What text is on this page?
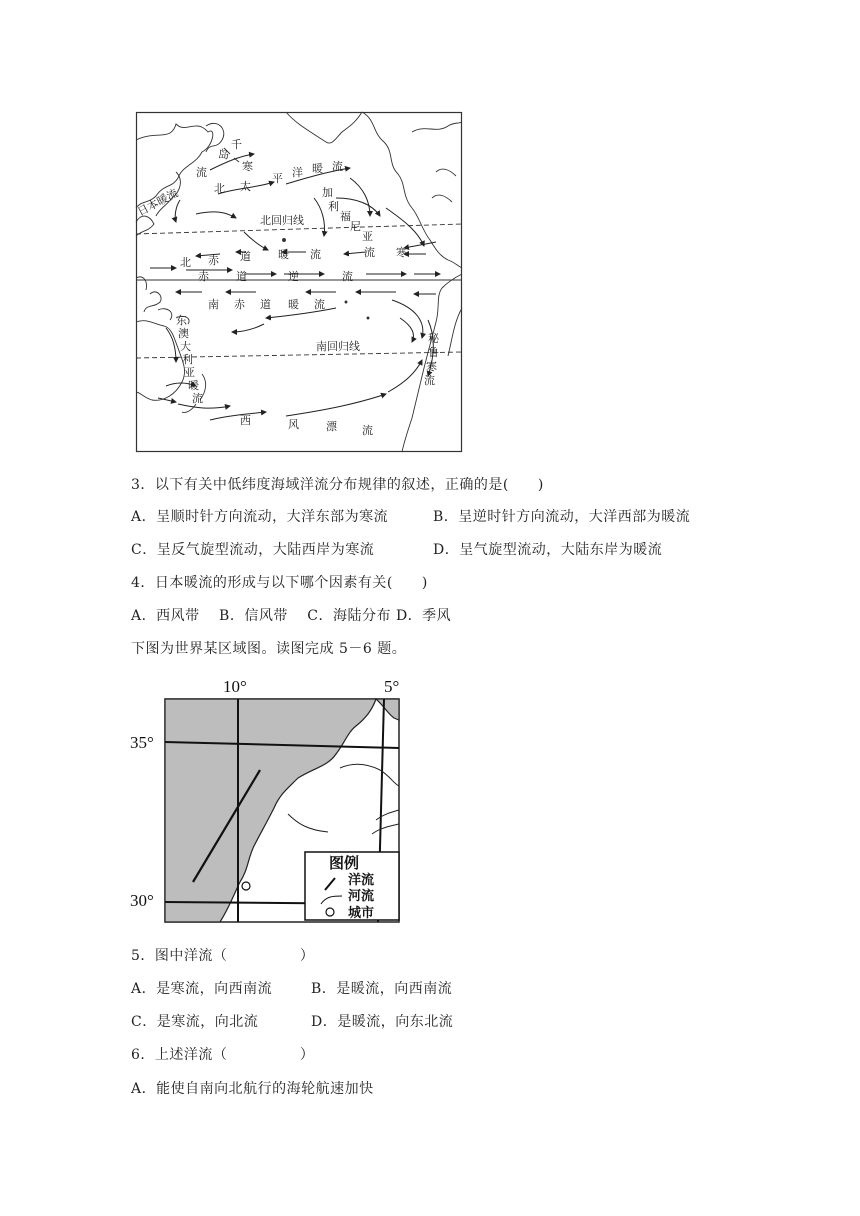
千
岛
寒
流
北 太
平 洋 暖 流
日本暖流
北回归线
加
利
福
尼
亚
寒
流
北 赤 道 暖 流
赤 道	逆	流
南 赤 道 暖 流
东
澳
大
利
亚
暖
流
南回归线
秘
鲁
寒
流
西	风 漂 流
3．以下有关中低纬度海域洋流分布规律的叙述，正确的是(　　)
A．呈顺时针方向流动，大洋东部为寒流	B．呈逆时针方向流动，大洋西部为暖流
C．呈反气旋型流动，大陆西岸为寒流	D．呈气旋型流动，大陆东岸为暖流
4．日本暖流的形成与以下哪个因素有关(　　)
A．西风带　 B．信风带　 C．海陆分布 D．季风
下图为世界某区域图。读图完成 5－6 题。
图例
洋流
河流
城市
10°	5°
35°
30°
5．图中洋流（　　　　　）
A．是寒流，向西南流	B．是暖流，向西南流
C．是寒流，向北流	D．是暖流，向东北流
6．上述洋流（　　　　　）
A．能使自南向北航行的海轮航速加快
